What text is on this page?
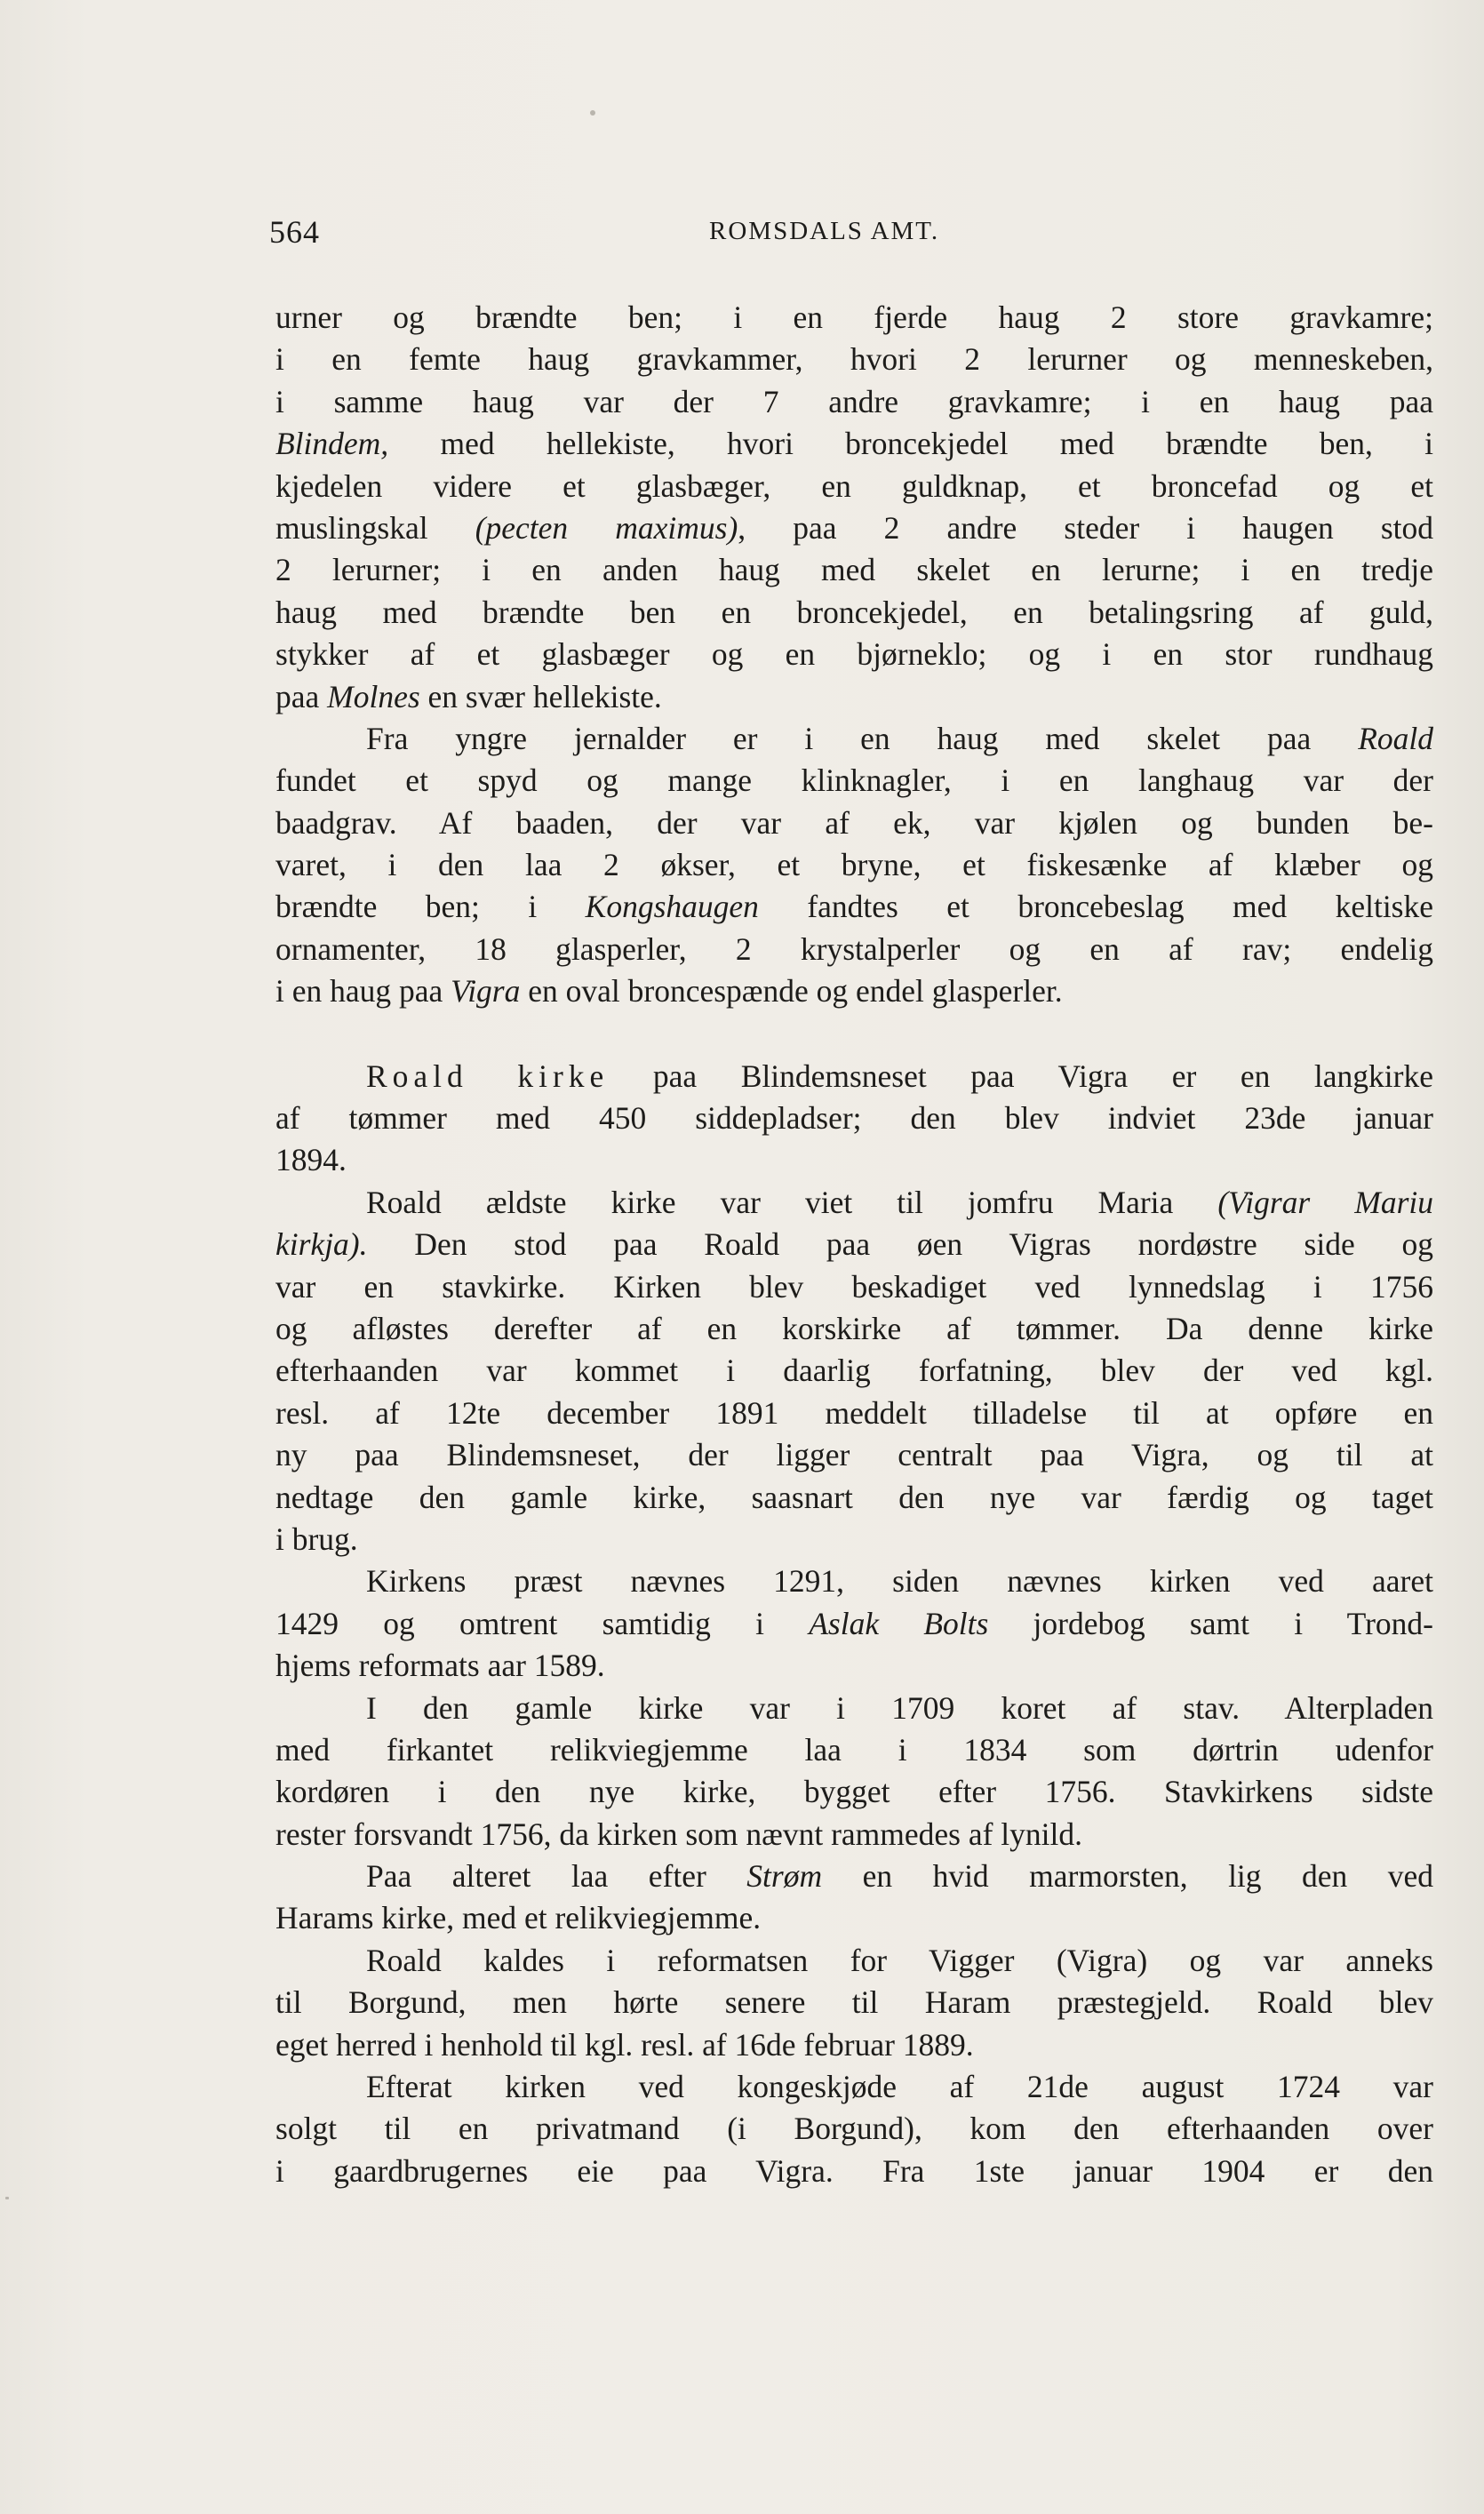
564	ROMSDALS AMT.
urner og brændte ben; i en fjerde haug 2 store gravkamre;
i en femte haug gravkammer, hvori 2 lerurner og menneskeben,
i samme haug var der 7 andre gravkamre; i en haug paa
Blindem, med hellekiste, hvori broncekjedel med brændte ben, i
kjedelen videre et glasbæger, en guldknap, et broncefad og et
muslingskal (pecten maximus), paa 2 andre steder i haugen stod
2 lerurner; i en anden haug med skelet en lerurne; i en tredje
haug med brændte ben en broncekjedel, en betalingsring af guld,
stykker af et glasbæger og en bjørneklo; og i en stor rundhaug
paa Molnes en svær hellekiste.
Fra yngre jernalder er i en haug med skelet paa Roald
fundet et spyd og mange klinknagler, i en langhaug var der
baadgrav. Af baaden, der var af ek, var kjølen og bunden be-
varet, i den laa 2 økser, et bryne, et fiskesænke af klæber og
brændte ben; i Kongshaugen fandtes et broncebeslag med keltiske
ornamenter, 18 glasperler, 2 krystalperler og en af rav; endelig
i en haug paa Vigra en oval broncespænde og endel glasperler.
Roald kirke paa Blindemsneset paa Vigra er en langkirke
af tømmer med 450 siddepladser; den blev indviet 23de januar
1894.
Roald ældste kirke var viet til jomfru Maria (Vigrar Mariu
kirkja). Den stod paa Roald paa øen Vigras nordøstre side og
var en stavkirke. Kirken blev beskadiget ved lynnedslag i 1756
og afløstes derefter af en korskirke af tømmer. Da denne kirke
efterhaanden var kommet i daarlig forfatning, blev der ved kgl.
resl. af 12te december 1891 meddelt tilladelse til at opføre en
ny paa Blindemsneset, der ligger centralt paa Vigra, og til at
nedtage den gamle kirke, saasnart den nye var færdig og taget
i brug.
Kirkens præst nævnes 1291, siden nævnes kirken ved aaret
1429 og omtrent samtidig i Aslak Bolts jordebog samt i Trond-
hjems reformats aar 1589.
I den gamle kirke var i 1709 koret af stav. Alterpladen
med firkantet relikviegjemme laa i 1834 som dørtrin udenfor
kordøren i den nye kirke, bygget efter 1756. Stavkirkens sidste
rester forsvandt 1756, da kirken som nævnt rammedes af lynild.
Paa alteret laa efter Strøm en hvid marmorsten, lig den ved
Harams kirke, med et relikviegjemme.
Roald kaldes i reformatsen for Vigger (Vigra) og var anneks
til Borgund, men hørte senere til Haram præstegjeld. Roald blev
eget herred i henhold til kgl. resl. af 16de februar 1889.
Efterat kirken ved kongeskjøde af 21de august 1724 var
solgt til en privatmand (i Borgund), kom den efterhaanden over
i gaardbrugernes eie paa Vigra. Fra 1ste januar 1904 er den
